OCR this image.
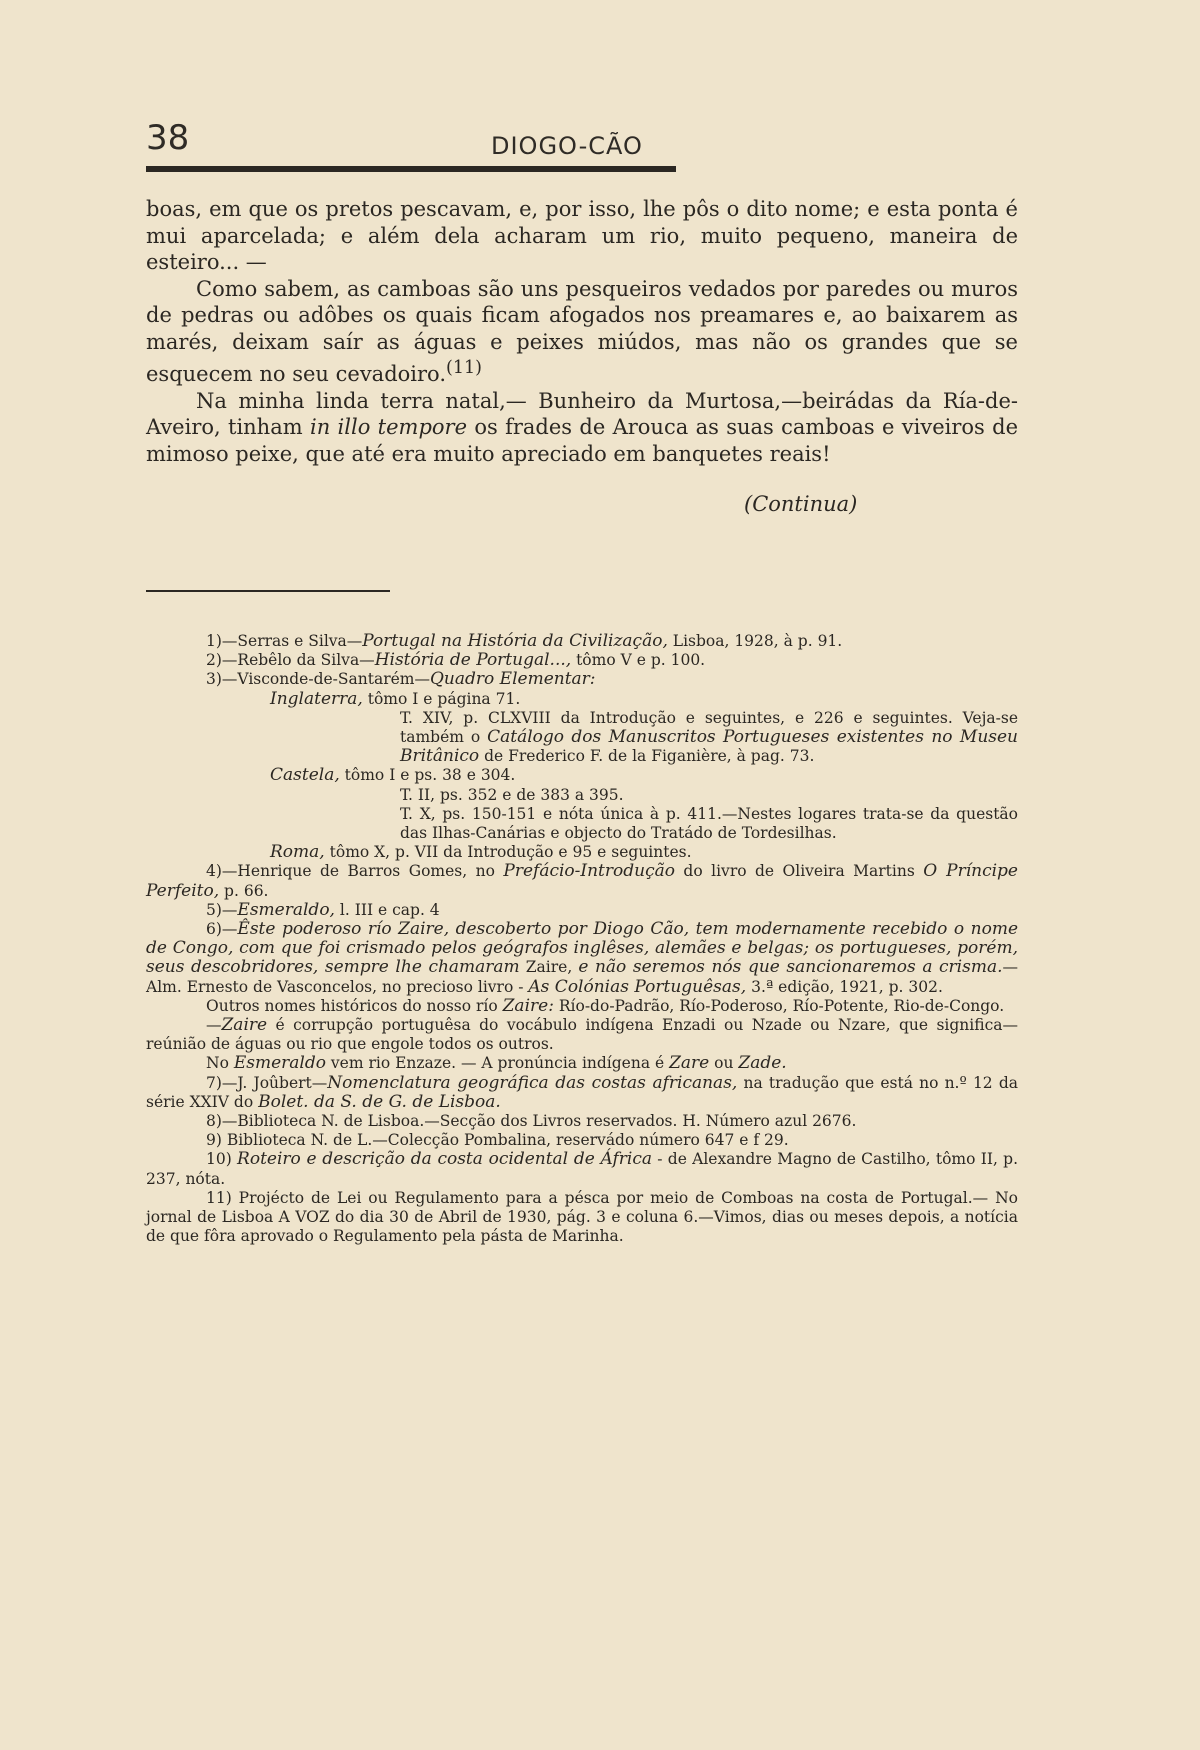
38	DIOGO-CÃO

boas, em que os pretos pescavam, e, por isso, lhe pôs o dito nome; e esta ponta é mui aparcelada; e além dela acharam um rio, muito pequeno, maneira de esteiro... —

Como sabem, as camboas são uns pesqueiros vedados por paredes ou muros de pedras ou adôbes os quais ficam afogados nos preamares e, ao baixarem as marés, deixam saír as águas e peixes miúdos, mas não os grandes que se esquecem no seu cevadoiro.$^{(11)}$

Na minha linda terra natal,— Bunheiro da Murtosa,—beirádas da Ría-de-Aveiro, tinham in illo tempore os frades de Arouca as suas camboas e viveiros de mimoso peixe, que até era muito apreciado em banquetes reais!

(Continua)

1)—Serras e Silva—Portugal na História da Civilização, Lisboa, 1928, à p. 91.

2)—Rebêlo da Silva—História de Portugal..., tômo V e p. 100.

3)—Visconde-de-Santarém—Quadro Elementar:

Inglaterra, tômo I e página 71.

T. XIV, p. CLXVIII da Introdução e seguintes, e 226 e seguintes. Veja-se também o Catálogo dos Manuscritos Portugueses existentes no Museu Britânico de Frederico F. de la Figanière, à pag. 73.

Castela, tômo I e ps. 38 e 304.

T. II, ps. 352 e de 383 a 395.

T. X, ps. 150-151 e nóta única à p. 411.—Nestes logares trata-se da questão das Ilhas-Canárias e objecto do Tratádo de Tordesilhas.

Roma, tômo X, p. VII da Introdução e 95 e seguintes.

4)—Henrique de Barros Gomes, no Prefácio-Introdução do livro de Oliveira Martins O Príncipe Perfeito, p. 66.

5)—Esmeraldo, l. III e cap. 4

6)—Êste poderoso río Zaire, descoberto por Diogo Cão, tem modernamente recebido o nome de Congo, com que foi crismado pelos geógrafos inglêses, alemães e belgas; os portugueses, porém, seus descobridores, sempre lhe chamaram Zaire, e não seremos nós que sancionaremos a crisma.—Alm. Ernesto de Vasconcelos, no precioso livro - As Colónias Portuguêsas, 3.ª edição, 1921, p. 302.

Outros nomes históricos do nosso río Zaire: Río-do-Padrão, Río-Poderoso, Río-Potente, Rio-de-Congo.

—Zaire é corrupção portuguêsa do vocábulo indígena Enzadi ou Nzade ou Nzare, que significa—reúnião de águas ou rio que engole todos os outros.

No Esmeraldo vem rio Enzaze. — A pronúncia indígena é Zare ou Zade.

7)—J. Joûbert—Nomenclatura geográfica das costas africanas, na tradução que está no n.º 12 da série XXIV do Bolet. da S. de G. de Lisboa.

8)—Biblioteca N. de Lisboa.—Secção dos Livros reservados. H. Número azul 2676.

9) Biblioteca N. de L.—Colecção Pombalina, reservádo número 647 e f 29.

10) Roteiro e descrição da costa ocidental de África - de Alexandre Magno de Castilho, tômo II, p. 237, nóta.

11) Projécto de Lei ou Regulamento para a pésca por meio de Comboas na costa de Portugal.— No jornal de Lisboa A VOZ do dia 30 de Abril de 1930, pág. 3 e coluna 6.—Vimos, dias ou meses depois, a notícia de que fôra aprovado o Regulamento pela pásta de Marinha.
